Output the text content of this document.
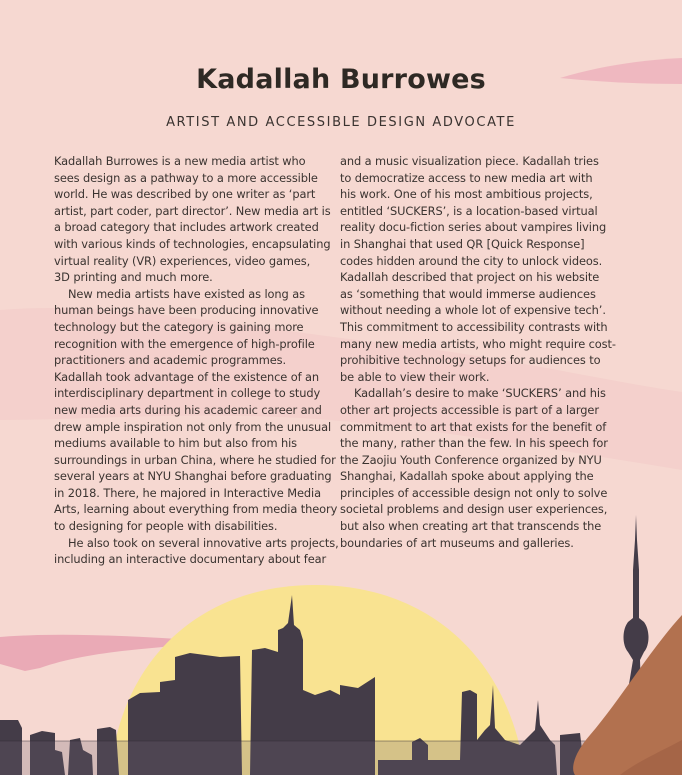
Kadallah Burrowes
ARTIST AND ACCESSIBLE DESIGN ADVOCATE
Kadallah Burrowes is a new media artist who
sees design as a pathway to a more accessible
world. He was described by one writer as ‘part
artist, part coder, part director’. New media art is
a broad category that includes artwork created
with various kinds of technologies, encapsulating
virtual reality (VR) experiences, video games,
3D printing and much more.
New media artists have existed as long as
human beings have been producing innovative
technology but the category is gaining more
recognition with the emergence of high-profile
practitioners and academic programmes.
Kadallah took advantage of the existence of an
interdisciplinary department in college to study
new media arts during his academic career and
drew ample inspiration not only from the unusual
mediums available to him but also from his
surroundings in urban China, where he studied for
several years at NYU Shanghai before graduating
in 2018. There, he majored in Interactive Media
Arts, learning about everything from media theory
to designing for people with disabilities.
He also took on several innovative arts projects,
including an interactive documentary about fear
and a music visualization piece. Kadallah tries
to democratize access to new media art with
his work. One of his most ambitious projects,
entitled ‘SUCKERS’, is a location-based virtual
reality docu-fiction series about vampires living
in Shanghai that used QR [Quick Response]
codes hidden around the city to unlock videos.
Kadallah described that project on his website
as ‘something that would immerse audiences
without needing a whole lot of expensive tech’.
This commitment to accessibility contrasts with
many new media artists, who might require cost-
prohibitive technology setups for audiences to
be able to view their work.
Kadallah’s desire to make ‘SUCKERS’ and his
other art projects accessible is part of a larger
commitment to art that exists for the benefit of
the many, rather than the few. In his speech for
the Zaojiu Youth Conference organized by NYU
Shanghai, Kadallah spoke about applying the
principles of accessible design not only to solve
societal problems and design user experiences,
but also when creating art that transcends the
boundaries of art museums and galleries.
